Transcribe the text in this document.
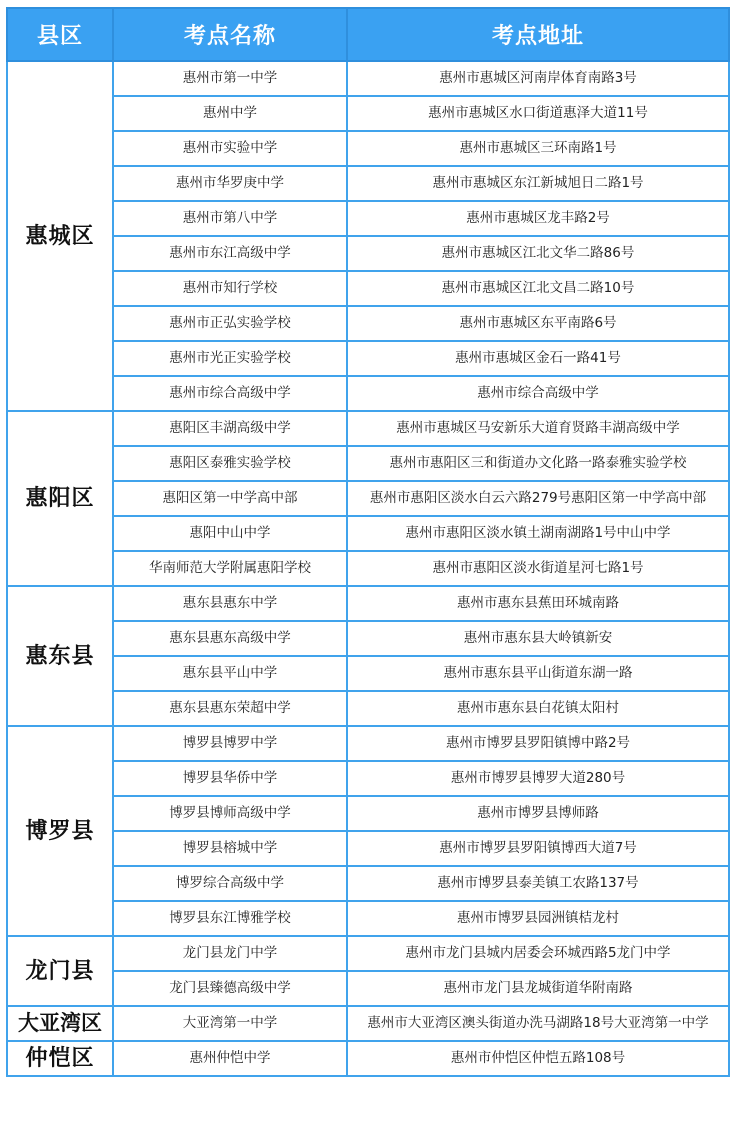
县区	考点名称	考点地址
惠城区	惠州市第一中学	惠州市惠城区河南岸体育南路3号
	惠州中学	惠州市惠城区水口街道惠泽大道11号
	惠州市实验中学	惠州市惠城区三环南路1号
	惠州市华罗庚中学	惠州市惠城区东江新城旭日二路1号
	惠州市第八中学	惠州市惠城区龙丰路2号
	惠州市东江高级中学	惠州市惠城区江北文华二路86号
	惠州市知行学校	惠州市惠城区江北文昌二路10号
	惠州市正弘实验学校	惠州市惠城区东平南路6号
	惠州市光正实验学校	惠州市惠城区金石一路41号
	惠州市综合高级中学	惠州市综合高级中学
惠阳区	惠阳区丰湖高级中学	惠州市惠城区马安新乐大道育贤路丰湖高级中学
	惠阳区泰雅实验学校	惠州市惠阳区三和街道办文化路一路泰雅实验学校
	惠阳区第一中学高中部	惠州市惠阳区淡水白云六路279号惠阳区第一中学高中部
	惠阳中山中学	惠州市惠阳区淡水镇土湖南湖路1号中山中学
	华南师范大学附属惠阳学校	惠州市惠阳区淡水街道星河七路1号
惠东县	惠东县惠东中学	惠州市惠东县蕉田环城南路
	惠东县惠东高级中学	惠州市惠东县大岭镇新安
	惠东县平山中学	惠州市惠东县平山街道东湖一路
	惠东县惠东荣超中学	惠州市惠东县白花镇太阳村
博罗县	博罗县博罗中学	惠州市博罗县罗阳镇博中路2号
	博罗县华侨中学	惠州市博罗县博罗大道280号
	博罗县博师高级中学	惠州市博罗县博师路
	博罗县榕城中学	惠州市博罗县罗阳镇博西大道7号
	博罗综合高级中学	惠州市博罗县泰美镇工农路137号
	博罗县东江博雅学校	惠州市博罗县园洲镇桔龙村
龙门县	龙门县龙门中学	惠州市龙门县城内居委会环城西路5龙门中学
	龙门县臻德高级中学	惠州市龙门县龙城街道华附南路
大亚湾区	大亚湾第一中学	惠州市大亚湾区澳头街道办洗马湖路18号大亚湾第一中学
仲恺区	惠州仲恺中学	惠州市仲恺区仲恺五路108号
